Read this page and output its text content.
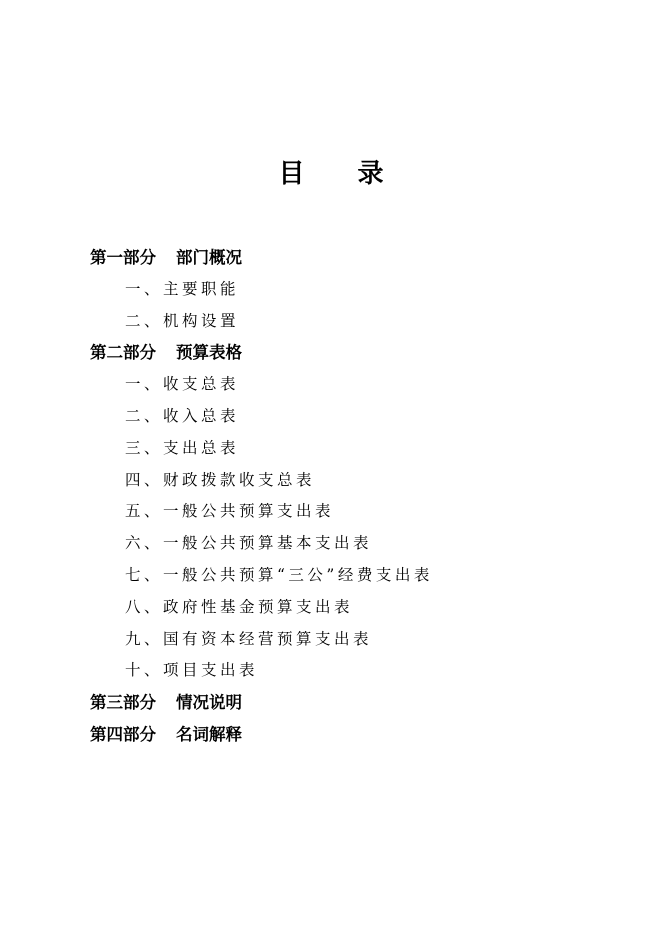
目 录
第一部分 部门概况
一、主要职能
二、机构设置
第二部分 预算表格
一、收支总表
二、收入总表
三、支出总表
四、财政拨款收支总表
五、一般公共预算支出表
六、一般公共预算基本支出表
七、一般公共预算“三公”经费支出表
八、政府性基金预算支出表
九、国有资本经营预算支出表
十、项目支出表
第三部分 情况说明
第四部分 名词解释
